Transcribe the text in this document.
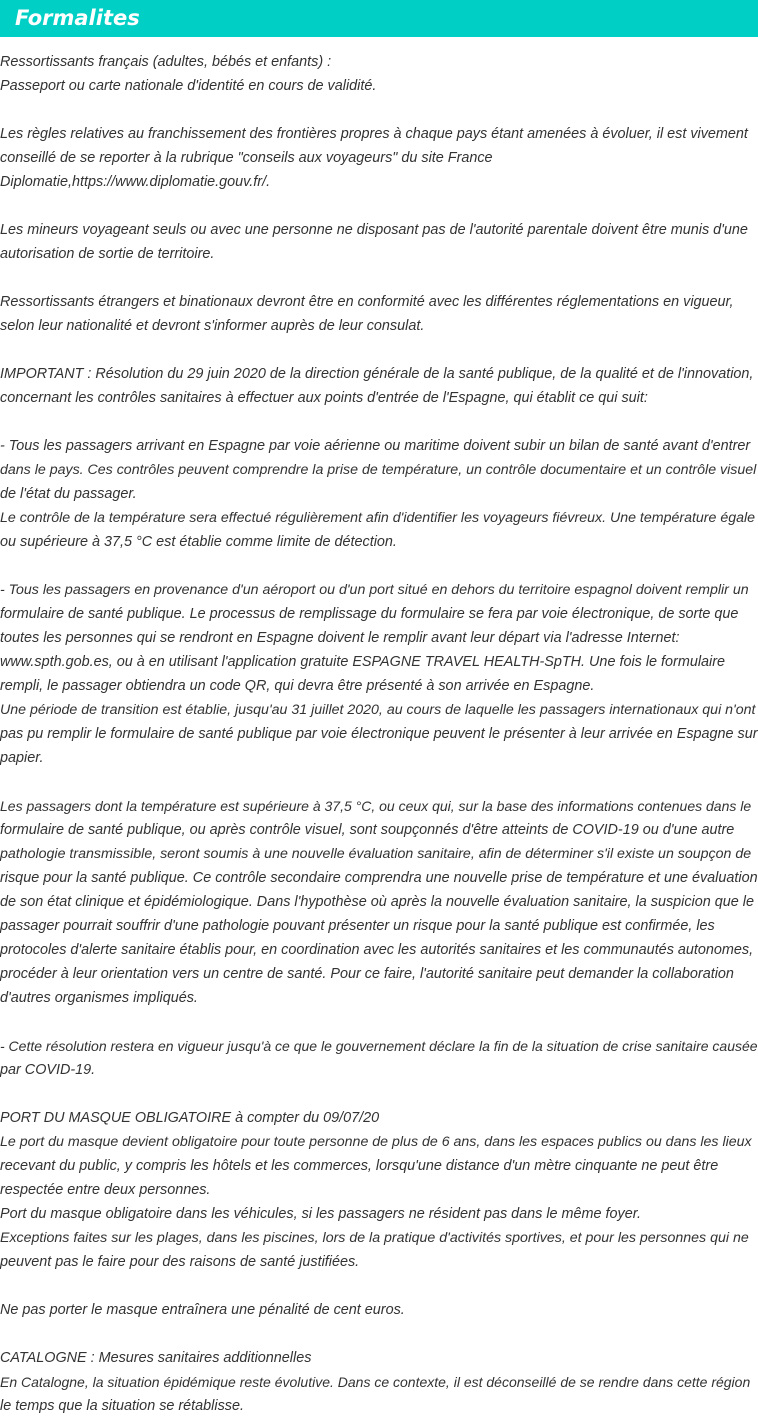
Formalites
Ressortissants français (adultes, bébés et enfants) :
Passeport ou carte nationale d'identité en cours de validité.
Les règles relatives au franchissement des frontières propres à chaque pays étant amenées à évoluer, il est vivement
conseillé de se reporter à la rubrique "conseils aux voyageurs" du site France
Diplomatie,https://www.diplomatie.gouv.fr/.
Les mineurs voyageant seuls ou avec une personne ne disposant pas de l'autorité parentale doivent être munis d'une
autorisation de sortie de territoire.
Ressortissants étrangers et binationaux devront être en conformité avec les différentes réglementations en vigueur,
selon leur nationalité et devront s'informer auprès de leur consulat.
IMPORTANT : Résolution du 29 juin 2020 de la direction générale de la santé publique, de la qualité et de l'innovation,
concernant les contrôles sanitaires à effectuer aux points d'entrée de l'Espagne, qui établit ce qui suit:
- Tous les passagers arrivant en Espagne par voie aérienne ou maritime doivent subir un bilan de santé avant d'entrer
dans le pays. Ces contrôles peuvent comprendre la prise de température, un contrôle documentaire et un contrôle visuel
de l'état du passager.
Le contrôle de la température sera effectué régulièrement afin d'identifier les voyageurs fiévreux. Une température égale
ou supérieure à 37,5 °C est établie comme limite de détection.
- Tous les passagers en provenance d'un aéroport ou d'un port situé en dehors du territoire espagnol doivent remplir un
formulaire de santé publique. Le processus de remplissage du formulaire se fera par voie électronique, de sorte que
toutes les personnes qui se rendront en Espagne doivent le remplir avant leur départ via l'adresse Internet:
www.spth.gob.es, ou à en utilisant l'application gratuite ESPAGNE TRAVEL HEALTH-SpTH. Une fois le formulaire
rempli, le passager obtiendra un code QR, qui devra être présenté à son arrivée en Espagne.
Une période de transition est établie, jusqu'au 31 juillet 2020, au cours de laquelle les passagers internationaux qui n'ont
pas pu remplir le formulaire de santé publique par voie électronique peuvent le présenter à leur arrivée en Espagne sur
papier.
Les passagers dont la température est supérieure à 37,5 °C, ou ceux qui, sur la base des informations contenues dans le
formulaire de santé publique, ou après contrôle visuel, sont soupçonnés d'être atteints de COVID-19 ou d'une autre
pathologie transmissible, seront soumis à une nouvelle évaluation sanitaire, afin de déterminer s'il existe un soupçon de
risque pour la santé publique. Ce contrôle secondaire comprendra une nouvelle prise de température et une évaluation
de son état clinique et épidémiologique. Dans l'hypothèse où après la nouvelle évaluation sanitaire, la suspicion que le
passager pourrait souffrir d'une pathologie pouvant présenter un risque pour la santé publique est confirmée, les
protocoles d'alerte sanitaire établis pour, en coordination avec les autorités sanitaires et les communautés autonomes,
procéder à leur orientation vers un centre de santé. Pour ce faire, l'autorité sanitaire peut demander la collaboration
d'autres organismes impliqués.
- Cette résolution restera en vigueur jusqu'à ce que le gouvernement déclare la fin de la situation de crise sanitaire causée
par COVID-19.
PORT DU MASQUE OBLIGATOIRE à compter du 09/07/20
Le port du masque devient obligatoire pour toute personne de plus de 6 ans, dans les espaces publics ou dans les lieux
recevant du public, y compris les hôtels et les commerces, lorsqu'une distance d'un mètre cinquante ne peut être
respectée entre deux personnes.
Port du masque obligatoire dans les véhicules, si les passagers ne résident pas dans le même foyer.
Exceptions faites sur les plages, dans les piscines, lors de la pratique d'activités sportives, et pour les personnes qui ne
peuvent pas le faire pour des raisons de santé justifiées.
Ne pas porter le masque entraînera une pénalité de cent euros.
CATALOGNE : Mesures sanitaires additionnelles
En Catalogne, la situation épidémique reste évolutive. Dans ce contexte, il est déconseillé de se rendre dans cette région
le temps que la situation se rétablisse.
